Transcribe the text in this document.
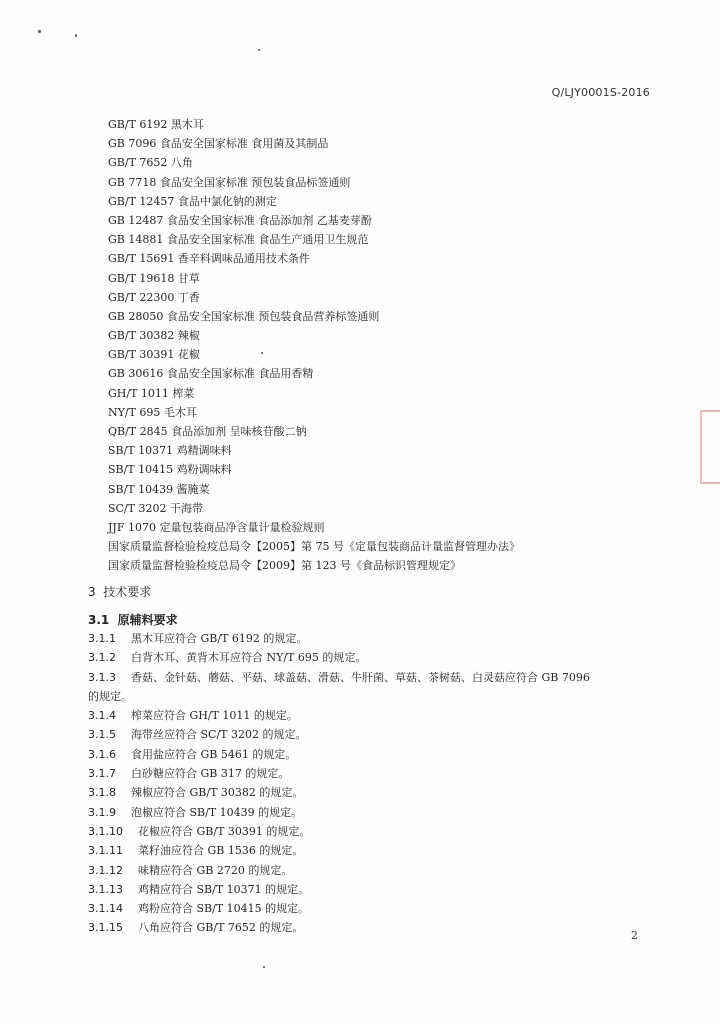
Q/LJY0001S-2016
GB/T 6192 黑木耳
GB 7096 食品安全国家标准 食用菌及其制品
GB/T 7652 八角
GB 7718 食品安全国家标准 预包装食品标签通则
GB/T 12457 食品中氯化钠的测定
GB 12487 食品安全国家标准 食品添加剂 乙基麦芽酚
GB 14881 食品安全国家标准 食品生产通用卫生规范
GB/T 15691 香辛料调味品通用技术条件
GB/T 19618 甘草
GB/T 22300 丁香
GB 28050 食品安全国家标准 预包装食品营养标签通则
GB/T 30382 辣椒
GB/T 30391 花椒
GB 30616 食品安全国家标准 食品用香精
GH/T 1011 榨菜
NY/T 695 毛木耳
QB/T 2845 食品添加剂 呈味核苷酸二钠
SB/T 10371 鸡精调味料
SB/T 10415 鸡粉调味料
SB/T 10439 酱腌菜
SC/T 3202 干海带
JJF 1070 定量包装商品净含量计量检验规则
国家质量监督检验检疫总局令【2005】第 75 号《定量包装商品计量监督管理办法》
国家质量监督检验检疫总局令【2009】第 123 号《食品标识管理规定》
3 技术要求
3.1 原辅料要求
3.1.1 黑木耳应符合 GB/T 6192 的规定。
3.1.2 白背木耳、黄背木耳应符合 NY/T 695 的规定。
3.1.3 香菇、金针菇、蘑菇、平菇、球盖菇、滑菇、牛肝菌、草菇、茶树菇、白灵菇应符合 GB 7096
的规定。
3.1.4 榨菜应符合 GH/T 1011 的规定。
3.1.5 海带丝应符合 SC/T 3202 的规定。
3.1.6 食用盐应符合 GB 5461 的规定。
3.1.7 白砂糖应符合 GB 317 的规定。
3.1.8 辣椒应符合 GB/T 30382 的规定。
3.1.9 泡椒应符合 SB/T 10439 的规定。
3.1.10 花椒应符合 GB/T 30391 的规定。
3.1.11 菜籽油应符合 GB 1536 的规定。
3.1.12 味精应符合 GB 2720 的规定。
3.1.13 鸡精应符合 SB/T 10371 的规定。
3.1.14 鸡粉应符合 SB/T 10415 的规定。
3.1.15 八角应符合 GB/T 7652 的规定。
2
